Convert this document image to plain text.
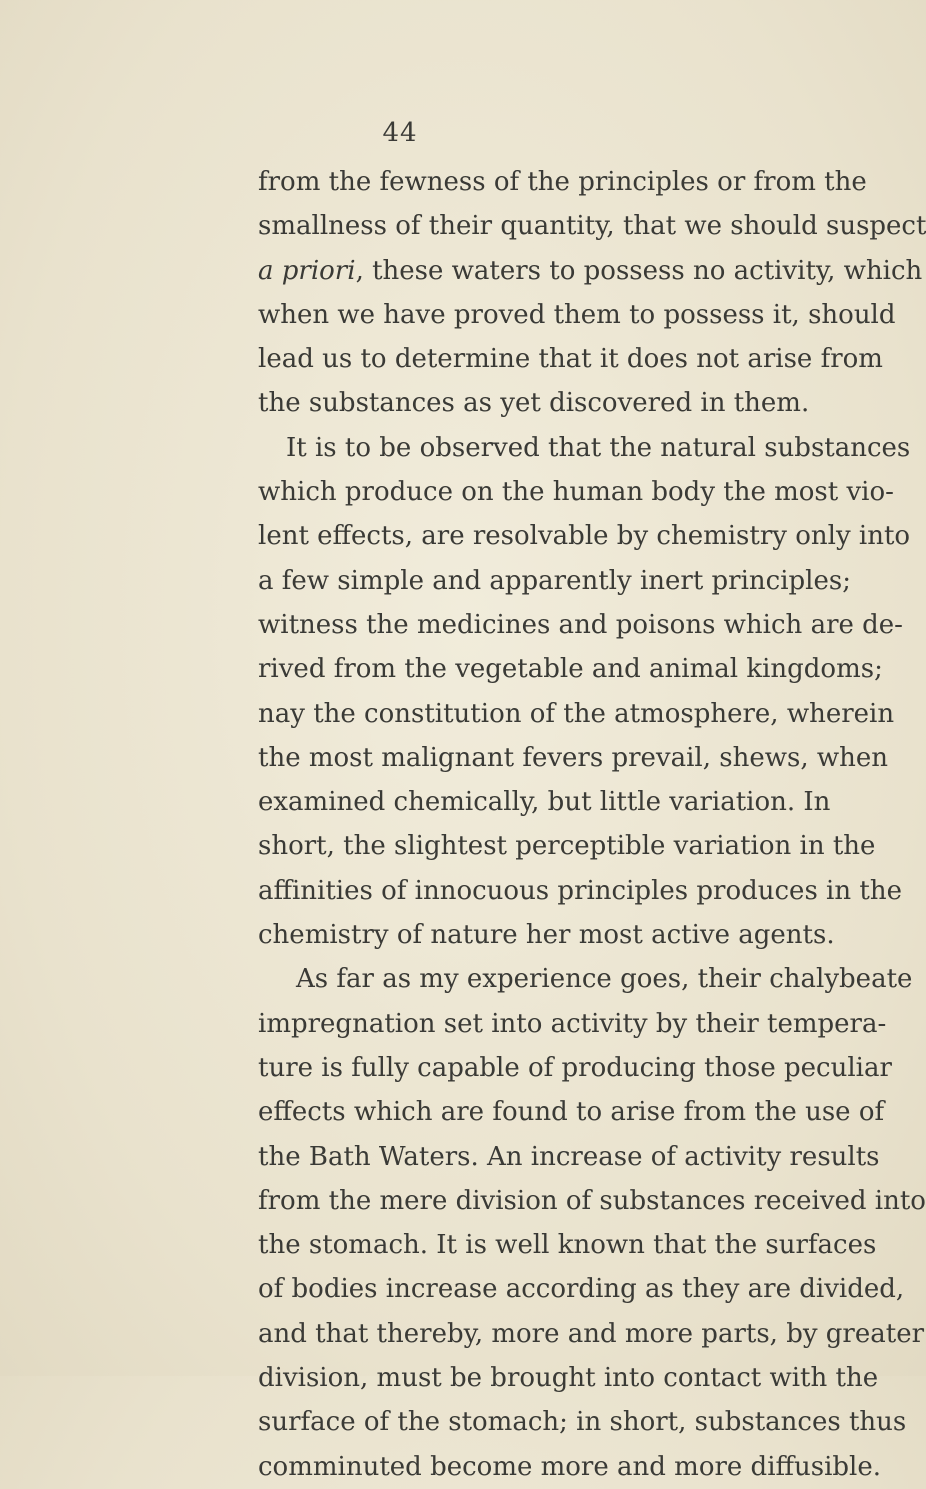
44
from the fewness of the principles or from the
smallness of their quantity, that we should suspect
a priori, these waters to possess no activity, which
when we have proved them to possess it, should
lead us to determine that it does not arise from
the substances as yet discovered in them.
It is to be observed that the natural substances
which produce on the human body the most vio-
lent effects, are resolvable by chemistry only into
a few simple and apparently inert principles;
witness the medicines and poisons which are de-
rived from the vegetable and animal kingdoms;
nay the constitution of the atmosphere, wherein
the most malignant fevers prevail, shews, when
examined chemically, but little variation. In
short, the slightest perceptible variation in the
affinities of innocuous principles produces in the
chemistry of nature her most active agents.
As far as my experience goes, their chalybeate
impregnation set into activity by their tempera-
ture is fully capable of producing those peculiar
effects which are found to arise from the use of
the Bath Waters. An increase of activity results
from the mere division of substances received into
the stomach. It is well known that the surfaces
of bodies increase according as they are divided,
and that thereby, more and more parts, by greater
division, must be brought into contact with the
surface of the stomach; in short, substances thus
comminuted become more and more diffusible.
